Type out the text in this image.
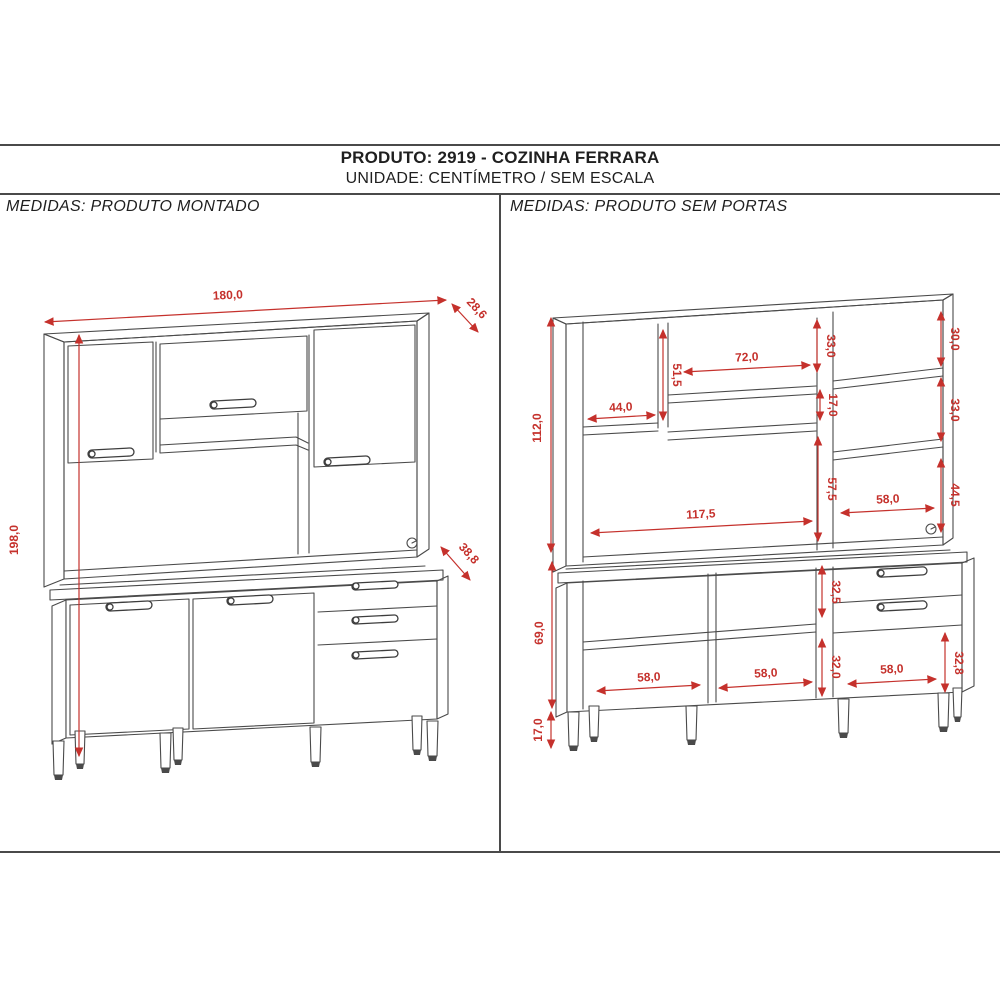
PRODUTO: 2919 - COZINHA FERRARA
UNIDADE: CENTÍMETRO / SEM ESCALA
MEDIDAS: PRODUTO MONTADO	MEDIDAS: PRODUTO SEM PORTAS
180,0	28,6
198,0	38,8
112,0
44,0
51,5
72,0	33,0
17,0
30,0
33,0
57,5
117,5
58,0	44,5
69,0
32,5
32,0
58,0	58,0	58,0	32,8
17,0
